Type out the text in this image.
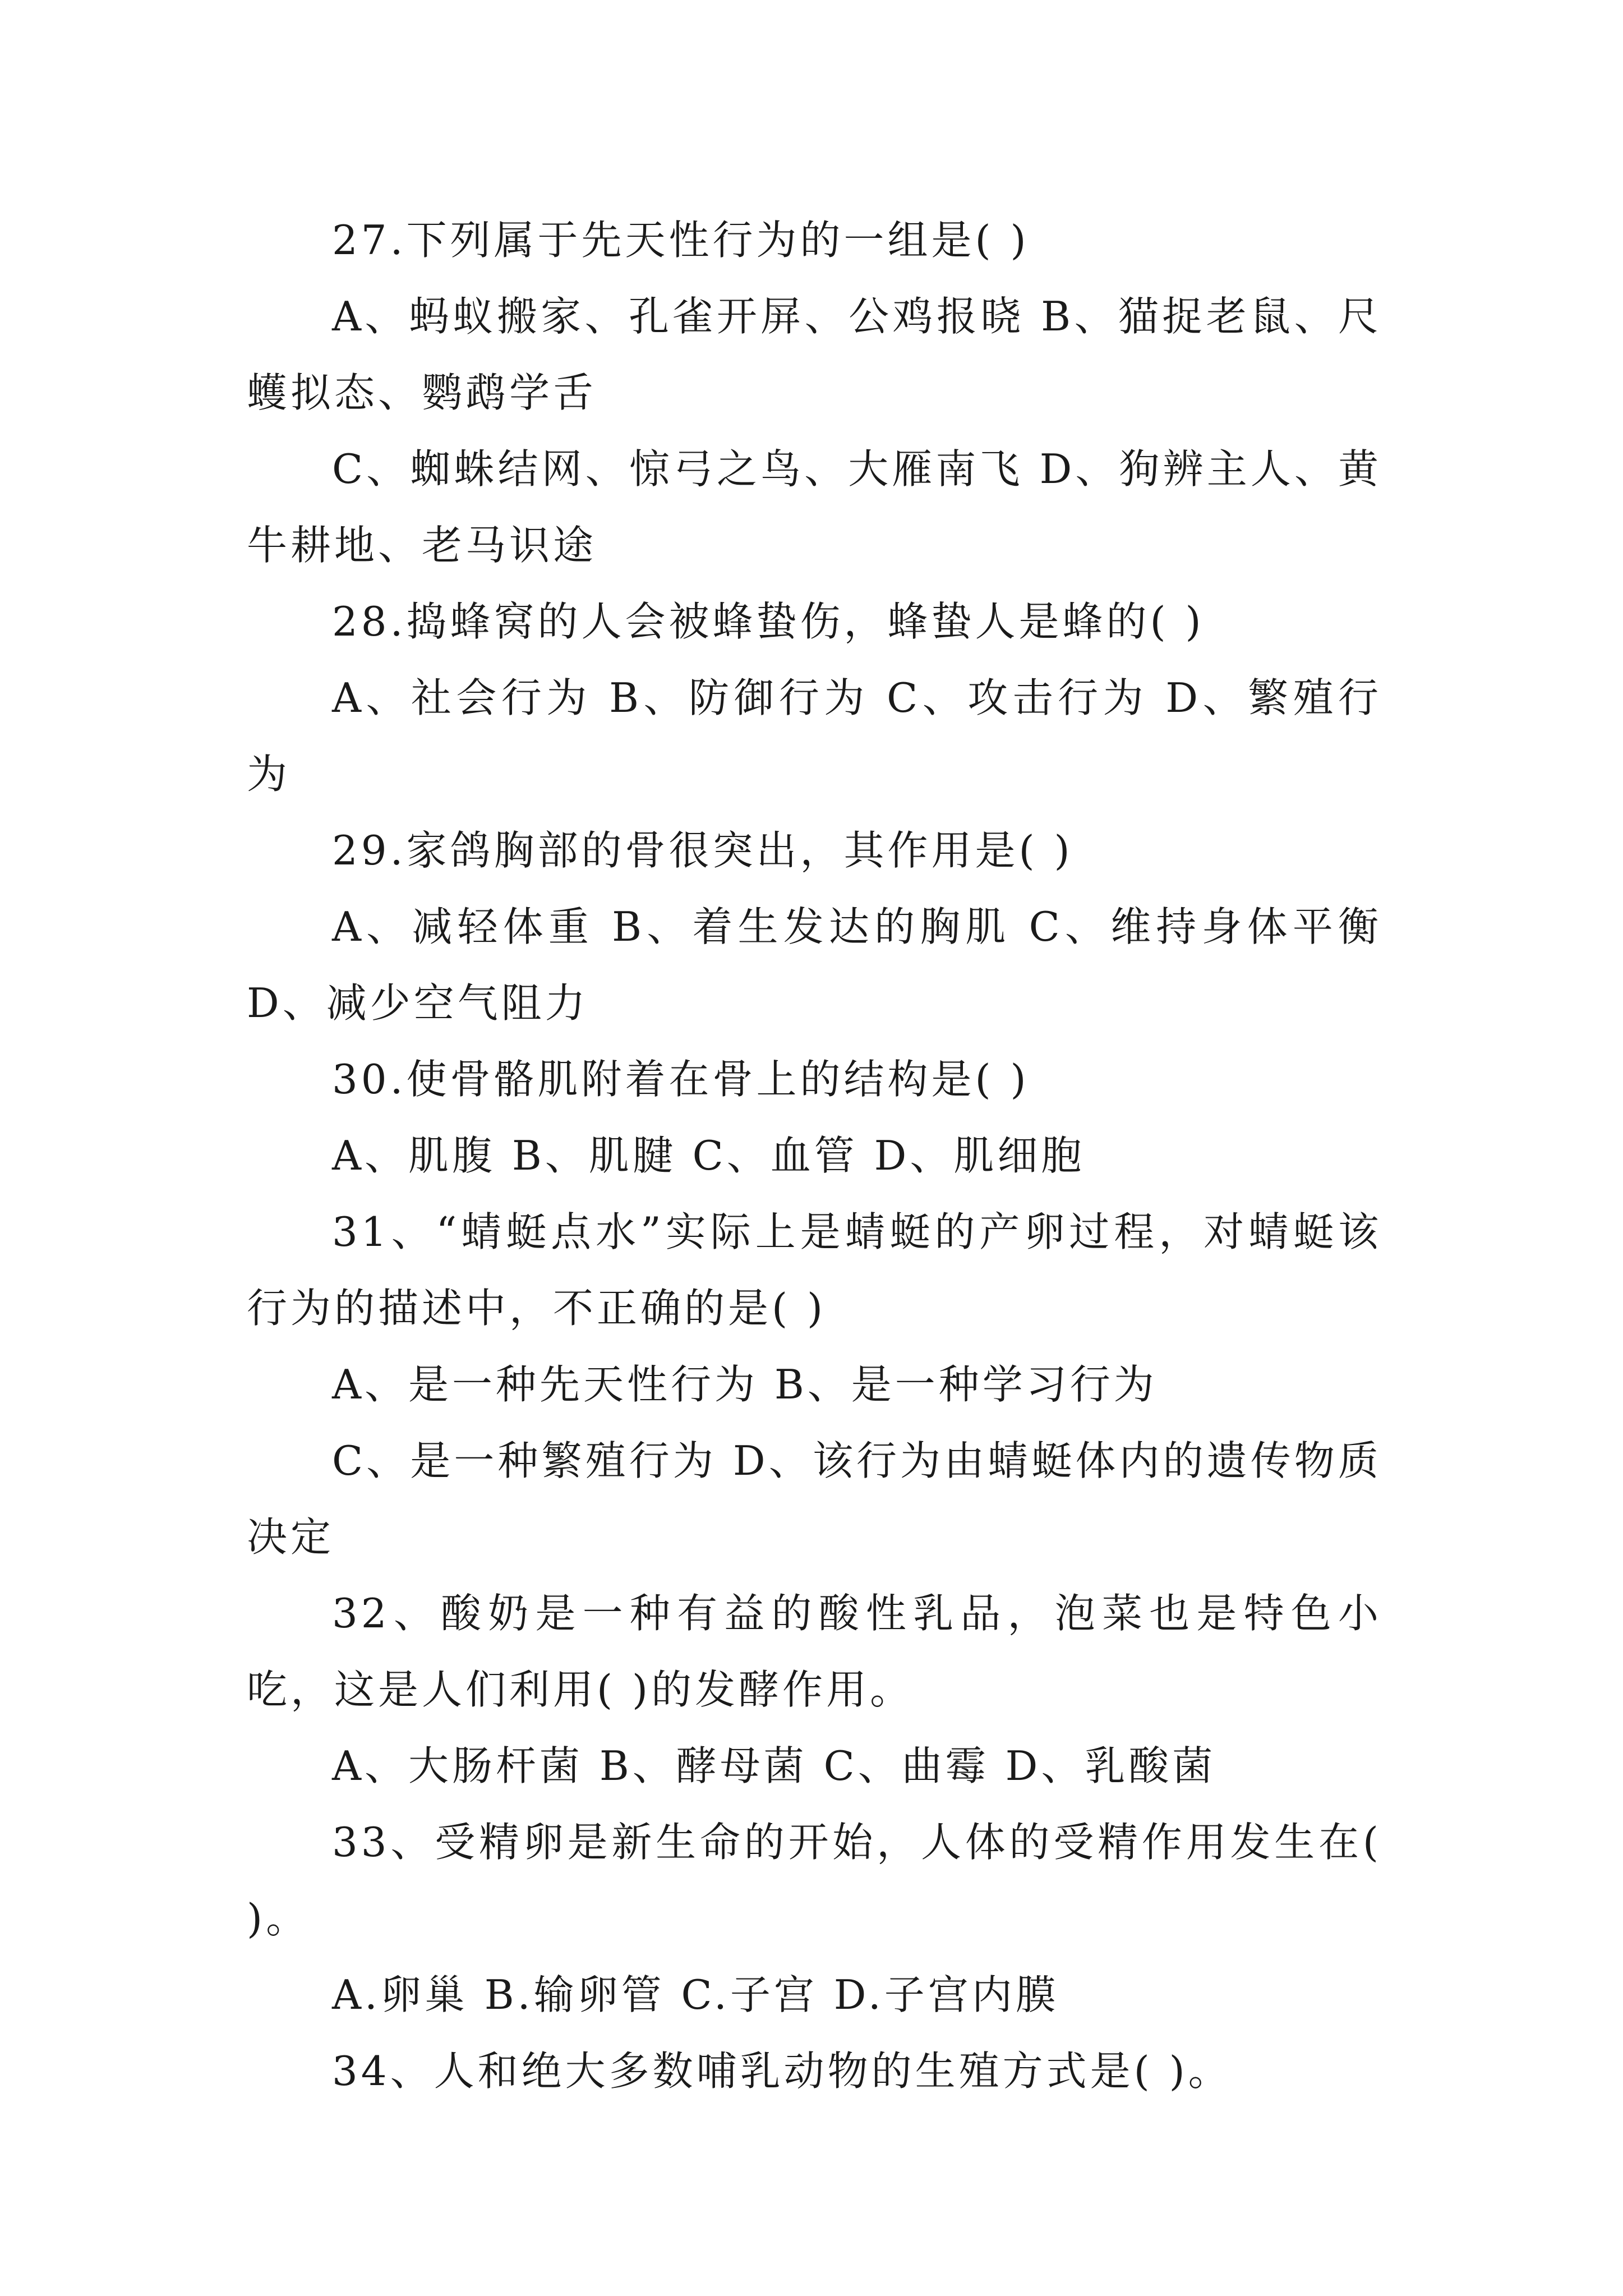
27.下列属于先天性行为的一组是( )

A、蚂蚁搬家、孔雀开屏、公鸡报晓 B、猫捉老鼠、尺蠖拟态、鹦鹉学舌

C、蜘蛛结网、惊弓之鸟、大雁南飞 D、狗辨主人、黄牛耕地、老马识途

28.捣蜂窝的人会被蜂蛰伤，蜂蛰人是蜂的( )

A、社会行为 B、防御行为 C、攻击行为 D、繁殖行为

29.家鸽胸部的骨很突出，其作用是( )

A、减轻体重 B、着生发达的胸肌 C、维持身体平衡 D、减少空气阻力

30.使骨骼肌附着在骨上的结构是( )

A、肌腹 B、肌腱 C、血管 D、肌细胞

31、“蜻蜓点水”实际上是蜻蜓的产卵过程，对蜻蜓该行为的描述中，不正确的是( )

A、是一种先天性行为 B、是一种学习行为

C、是一种繁殖行为 D、该行为由蜻蜓体内的遗传物质决定

32、酸奶是一种有益的酸性乳品，泡菜也是特色小吃，这是人们利用( )的发酵作用。

A、大肠杆菌 B、酵母菌 C、曲霉 D、乳酸菌

33、受精卵是新生命的开始，人体的受精作用发生在( )。

A.卵巢 B.输卵管 C.子宫 D.子宫内膜

34、人和绝大多数哺乳动物的生殖方式是( )。
